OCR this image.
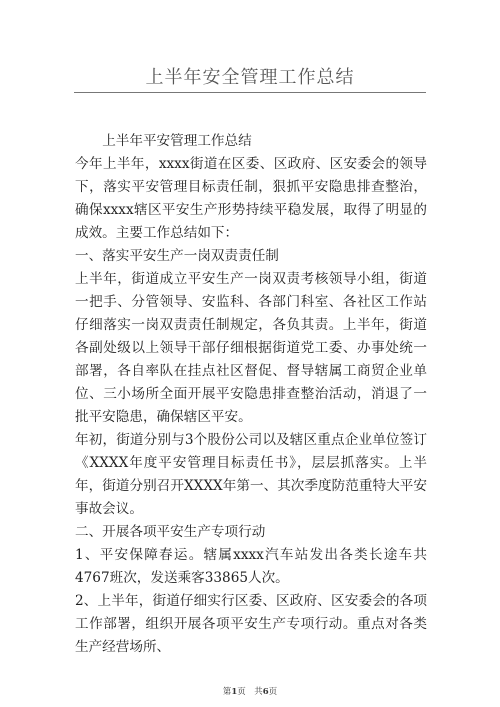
上半年安全管理工作总结

上半年平安管理工作总结

今年上半年，xxxx街道在区委、区政府、区安委会的领导下，落实平安管理目标责任制，狠抓平安隐患排查整治，确保xxxx辖区平安生产形势持续平稳发展，取得了明显的成效。主要工作总结如下：

一、落实平安生产一岗双责责任制

上半年，街道成立平安生产一岗双责考核领导小组，街道一把手、分管领导、安监科、各部门科室、各社区工作站仔细落实一岗双责责任制规定，各负其责。上半年，街道各副处级以上领导干部仔细根据街道党工委、办事处统一部署，各自率队在挂点社区督促、督导辖属工商贸企业单位、三小场所全面开展平安隐患排查整治活动，消退了一批平安隐患，确保辖区平安。

年初，街道分别与3个股份公司以及辖区重点企业单位签订《XXXX年度平安管理目标责任书》，层层抓落实。上半年，街道分别召开XXXX年第一、其次季度防范重特大平安事故会议。

二、开展各项平安生产专项行动

1、平安保障春运。辖属xxxx汽车站发出各类长途车共4767班次，发送乘客33865人次。

2、上半年，街道仔细实行区委、区政府、区安委会的各项工作部署，组织开展各项平安生产专项行动。重点对各类生产经营场所、

第1页　共6页
